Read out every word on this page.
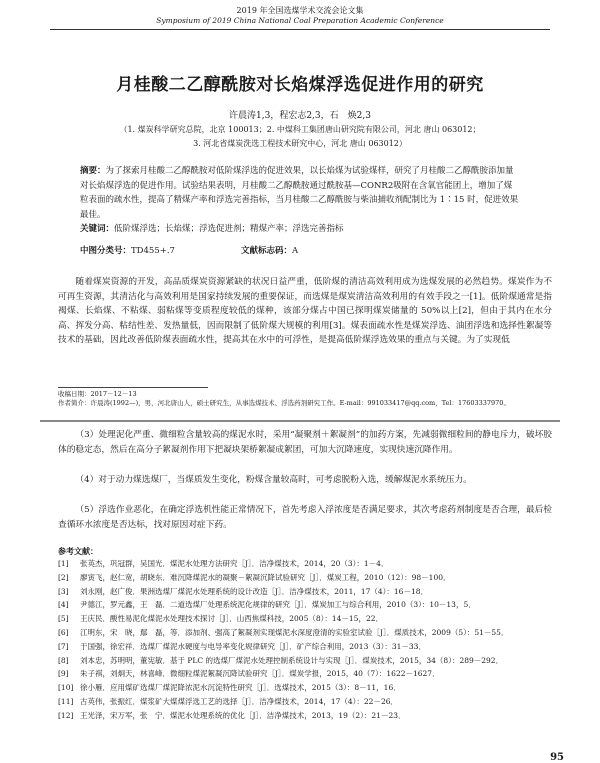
2019 年全国选煤学术交流会论文集
Symposium of 2019 China National Coal Preparation Academic Conference
月桂酸二乙醇酰胺对长焰煤浮选促进作用的研究
许晨涛1,3，程宏志2,3，石　焕2,3
（1. 煤炭科学研究总院，北京 100013；2. 中煤科工集团唐山研究院有限公司，河北 唐山 063012；
3. 河北省煤炭洗选工程技术研究中心，河北 唐山 063012）

摘要：为了探索月桂酸二乙醇酰胺对低阶煤浮选的促进效果，以长焰煤为试验煤样，研究了月桂酸二乙醇酰胺添加量对长焰煤浮选的促进作用。试验结果表明，月桂酸二乙醇酰胺通过酰胺基—CONR2吸附在含氧官能团上，增加了煤粒表面的疏水性，提高了精煤产率和浮选完善指标，当月桂酸二乙醇酰胺与柴油捕收剂配制比为 1∶15 时，促进效果最佳。

关键词：低阶煤浮选；长焰煤；浮选促进剂；精煤产率；浮选完善指标

中图分类号：TD455+.7	文献标志码：A

随着煤炭资源的开发，高品质煤炭资源紧缺的状况日益严重，低阶煤的清洁高效利用成为选煤发展的必然趋势。煤炭作为不可再生资源，其清洁化与高效利用是国家持续发展的重要保证，而选煤是煤炭清洁高效利用的有效手段之一[1]。低阶煤通常是指褐煤、长焰煤、不粘煤、弱粘煤等变质程度较低的煤种，该部分煤占中国已探明煤炭储量的 50%以上[2]，但由于其内在水分高、挥发分高、粘结性差、发热量低，因而限制了低阶煤大规模的利用[3]。煤表面疏水性是煤炭浮选、油团浮选和选择性絮凝等技术的基础，因此改善低阶煤表面疏水性，提高其在水中的可浮性，是提高低阶煤浮选效果的重点与关键。为了实现低

收稿日期：2017－12－13
作者简介：许晨涛(1992—)，男，河北唐山人，硕士研究生，从事选煤技术、浮选药剂研究工作。E-mail：991033417@qq.com，Tel：17603337970。

（3）处理泥化严重、微细粒含量较高的煤泥水时，采用“凝聚剂＋絮凝剂”的加药方案，先减弱微细粒间的静电斥力，破坏胶体的稳定态，然后在高分子絮凝剂作用下把凝块架桥絮凝成絮团，可加大沉降速度，实现快速沉降作用。

（4）对于动力煤选煤厂，当煤质发生变化，粉煤含量较高时，可考虑脱粉入选，缓解煤泥水系统压力。

（5）浮选作业恶化，在确定浮选机性能正常情况下，首先考虑入浮浓度是否满足要求，其次考虑药剂制度是否合理，最后检查循环水浓度是否达标，找对原因对症下药。

参考文献：
[1]	张英杰，巩冠群，吴国光．煤泥水处理方法研究［J］．洁净煤技术，2014，20（3）：1－4．
[2]	廖寅飞，赵仁宽，胡晓东．难沉降煤泥水的凝聚－絮凝沉降试验研究［J］．煤炭工程，2010（12）：98－100．
[3]	刘永刚，赵广俊．果洲选煤厂煤泥水处理系统的设计改造［J］．洁净煤技术，2011，17（4）：16－18．
[4]	尹德江，罗元鑫，王　磊．二道选煤厂处理系统泥化规律的研究［J］．煤炭加工与综合利用，2010（3）：10－13，5．
[5]	王庆民．酸性易泥化煤泥水处理技术探讨［J］．山西焦煤科技，2005（8）：14－15，22．
[6]	江明东，宋　晓，鄢　磊，等．添加剂、强高了絮凝剂实现煤泥水深度澄清的实验室试验［J］．煤质技术，2009（5）：51－55．
[7]	于国强，徐宏祥．选煤厂煤泥水硬度与电导率变化规律研究［J］．矿产综合利用，2013（3）：31－33．
[8]	刘本忠，苏明明，董宪敏．基于 PLC 的选煤厂煤泥水处理控制系统设计与实现［J］．煤炭技术，2015，34（8）：289－292．
[9]	朱子祺，刘炯天，林喜峰．微细粒煤泥絮凝沉降试验研究［J］．煤炭学报，2015，40（7）：1622－1627．
[10] 徐小雁．应用煤矿选煤厂煤泥降浓泥水沉淀特性研究［J］．选煤技术，2015（3）：8－11，16．
[11] 古英伟，张振红．煤浆矿大煤煤浮选工艺的选择［J］．洁净煤技术，2014，17（4）：22－26．
[12] 王光泽，宋万军，张　宁．煤泥水处理系统的优化［J］．洁净煤技术，2013，19（2）：21－23．
95
